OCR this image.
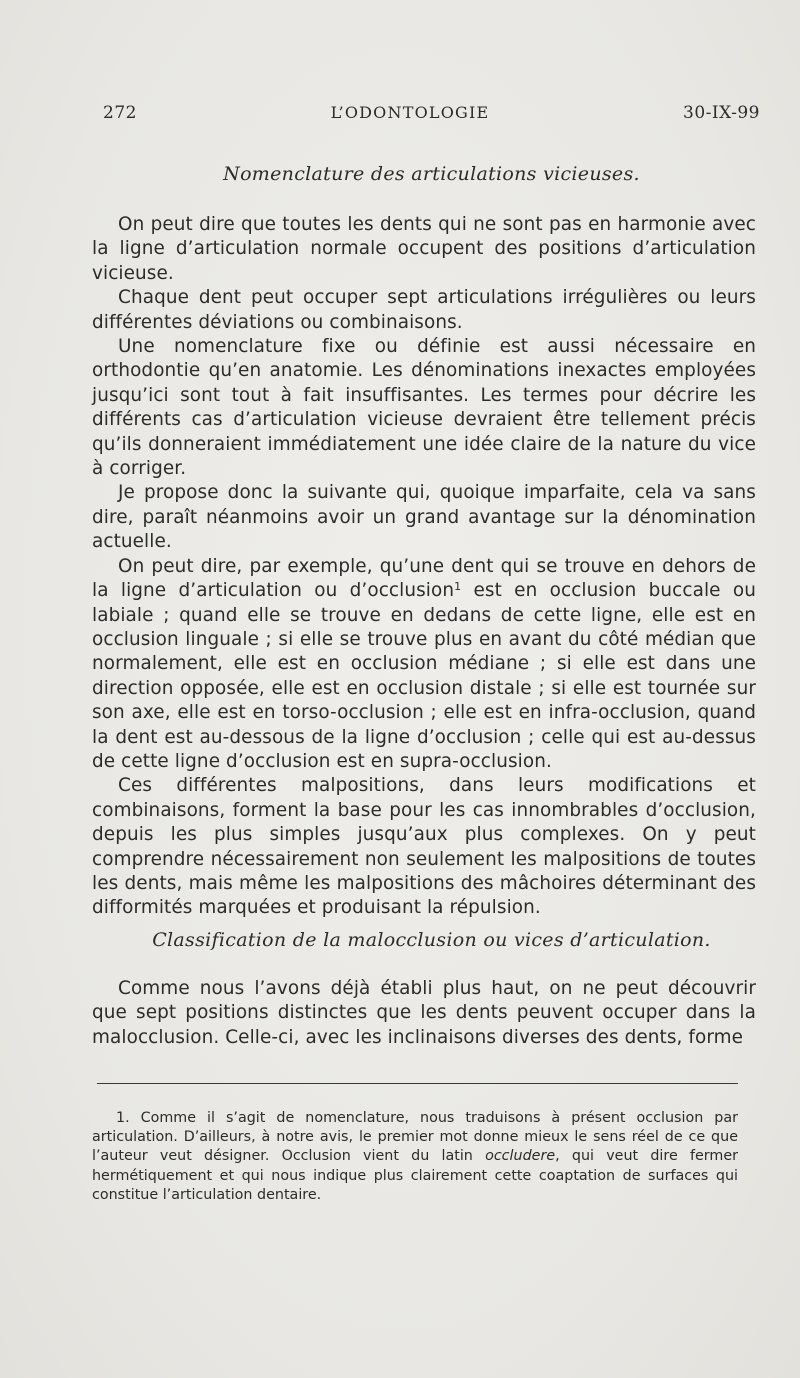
272	L’ODONTOLOGIE	30-IX-99
Nomenclature des articulations vicieuses.

On peut dire que toutes les dents qui ne sont pas en harmonie avec la ligne d’articulation normale occupent des positions d’articulation vicieuse.

Chaque dent peut occuper sept articulations irrégulières ou leurs différentes déviations ou combinaisons.

Une nomenclature fixe ou définie est aussi nécessaire en orthodontie qu’en anatomie. Les dénominations inexactes employées jusqu’ici sont tout à fait insuffisantes. Les termes pour décrire les différents cas d’articulation vicieuse devraient être tellement précis qu’ils donneraient immédiatement une idée claire de la nature du vice à corriger.

Je propose donc la suivante qui, quoique imparfaite, cela va sans dire, paraît néanmoins avoir un grand avantage sur la dénomination actuelle.

On peut dire, par exemple, qu’une dent qui se trouve en dehors de la ligne d’articulation ou d’occlusion$^1$ est en occlusion buccale ou labiale ; quand elle se trouve en dedans de cette ligne, elle est en occlusion linguale ; si elle se trouve plus en avant du côté médian que normalement, elle est en occlusion médiane ; si elle est dans une direction opposée, elle est en occlusion distale ; si elle est tournée sur son axe, elle est en torso-occlusion ; elle est en infra-occlusion, quand la dent est au-dessous de la ligne d’occlusion ; celle qui est au-dessus de cette ligne d’occlusion est en supra-occlusion.

Ces différentes malpositions, dans leurs modifications et combinaisons, forment la base pour les cas innombrables d’occlusion, depuis les plus simples jusqu’aux plus complexes. On y peut comprendre nécessairement non seulement les malpositions de toutes les dents, mais même les malpositions des mâchoires déterminant des difformités marquées et produisant la répulsion.

Classification de la malocclusion ou vices d’articulation.

Comme nous l’avons déjà établi plus haut, on ne peut découvrir que sept positions distinctes que les dents peuvent occuper dans la malocclusion. Celle-ci, avec les inclinaisons diverses des dents, forme

1. Comme il s’agit de nomenclature, nous traduisons à présent occlusion par articulation. D’ailleurs, à notre avis, le premier mot donne mieux le sens réel de ce que l’auteur veut désigner. Occlusion vient du latin occludere, qui veut dire fermer hermétiquement et qui nous indique plus clairement cette coaptation de surfaces qui constitue l’articulation dentaire.
